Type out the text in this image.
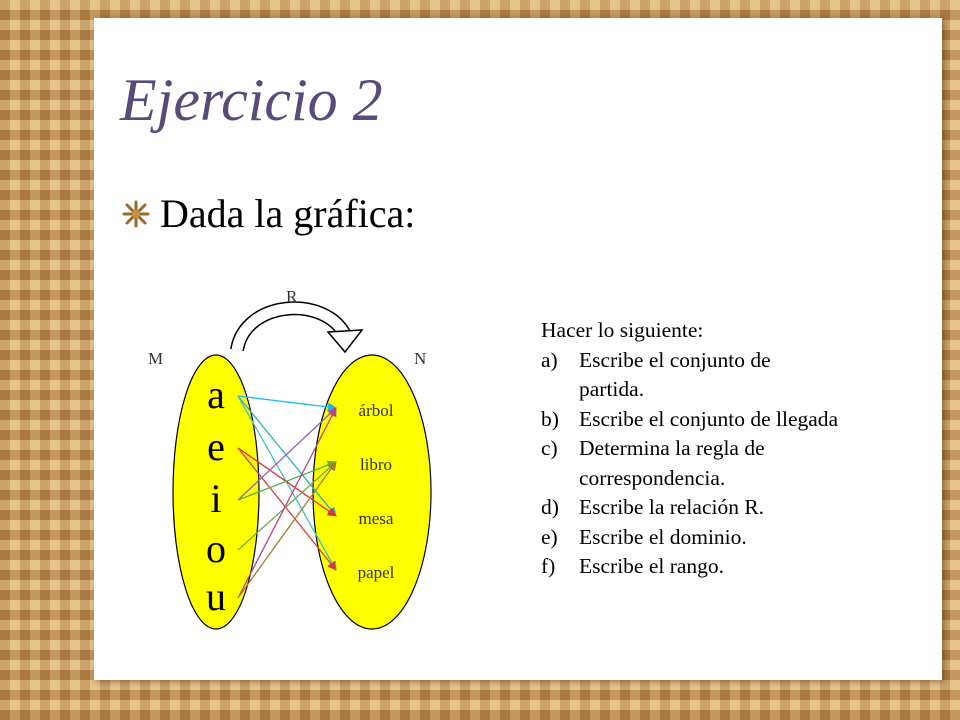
Ejercicio 2
Dada la gráfica:
R
M	N
a
e
i
o
u
árbol
libro
mesa
papel

Hacer lo siguiente:

a) Escribe el conjunto de partida.
b) Escribe el conjunto de llegada
c) Determina la regla de correspondencia.
d) Escribe la relación R.
e) Escribe el dominio.
f) Escribe el rango.
